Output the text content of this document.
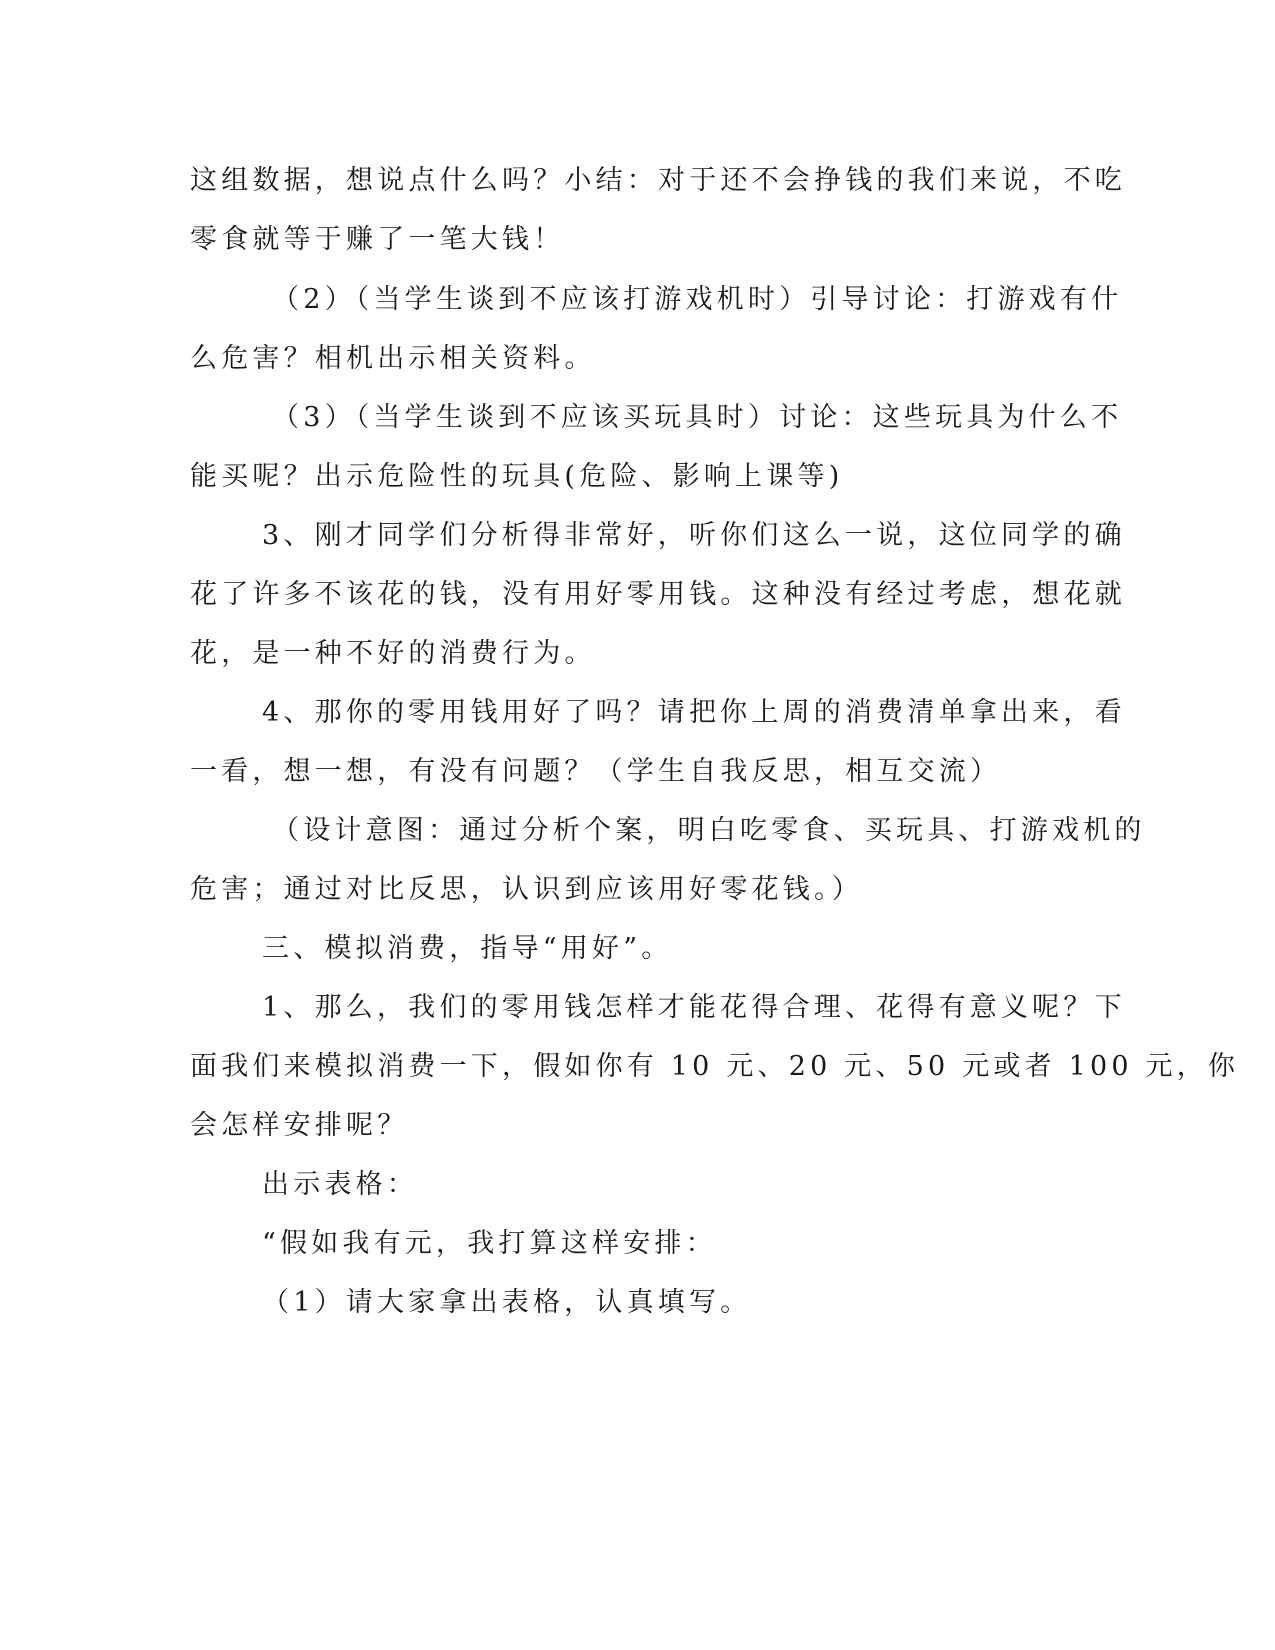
这组数据，想说点什么吗？小结：对于还不会挣钱的我们来说，不吃
零食就等于赚了一笔大钱！
（2）（当学生谈到不应该打游戏机时）引导讨论：打游戏有什
么危害？相机出示相关资料。
（3）（当学生谈到不应该买玩具时）讨论：这些玩具为什么不
能买呢？出示危险性的玩具(危险、影响上课等)
3、刚才同学们分析得非常好，听你们这么一说，这位同学的确
花了许多不该花的钱，没有用好零用钱。这种没有经过考虑，想花就
花，是一种不好的消费行为。
4、那你的零用钱用好了吗？请把你上周的消费清单拿出来，看
一看，想一想，有没有问题？（学生自我反思，相互交流）
（设计意图：通过分析个案，明白吃零食、买玩具、打游戏机的
危害；通过对比反思，认识到应该用好零花钱。）
三、模拟消费，指导“用好”。
1、那么，我们的零用钱怎样才能花得合理、花得有意义呢？下
面我们来模拟消费一下，假如你有 10 元、20 元、50 元或者 100 元，你
会怎样安排呢？
出示表格：
“假如我有元，我打算这样安排：
（1）请大家拿出表格，认真填写。
